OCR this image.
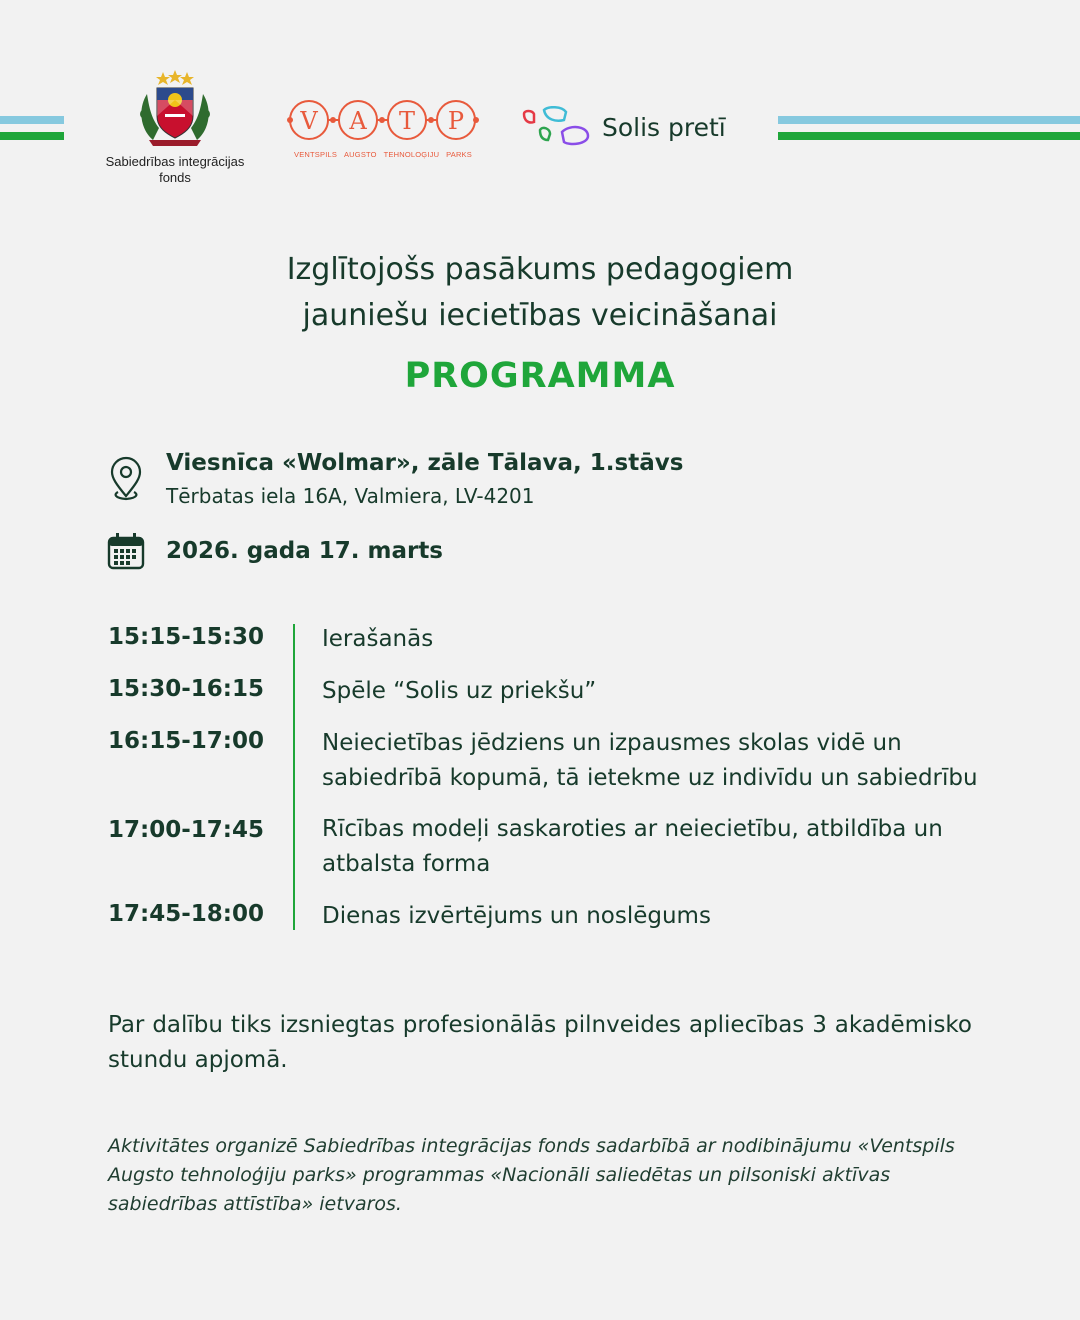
Sabiedrības integrācijas fonds
V A T P
VENTSPILS AUGSTO TEHNOLOĢIJU PARKS
Solis pretī
Izglītojošs pasākums pedagogiem
jauniešu iecietības veicināšanai
PROGRAMMA
Viesnīca «Wolmar», zāle Tālava, 1.stāvs
Tērbatas iela 16A, Valmiera, LV-4201
2026. gada 17. marts
15:15-15:30	Ierašanās
15:30-16:15	Spēle “Solis uz priekšu”
16:15-17:00	Neiecietības jēdziens un izpausmes skolas vidē un sabiedrībā kopumā, tā ietekme uz indivīdu un sabiedrību
17:00-17:45	Rīcības modeļi saskaroties ar neiecietību, atbildība un atbalsta forma
17:45-18:00	Dienas izvērtējums un noslēgums
Par dalību tiks izsniegtas profesionālās pilnveides apliecības 3 akadēmisko stundu apjomā.
Aktivitātes organizē Sabiedrības integrācijas fonds sadarbībā ar nodibinājumu «Ventspils Augsto tehnoloģiju parks» programmas «Nacionāli saliedētas un pilsoniski aktīvas sabiedrības attīstība» ietvaros.
